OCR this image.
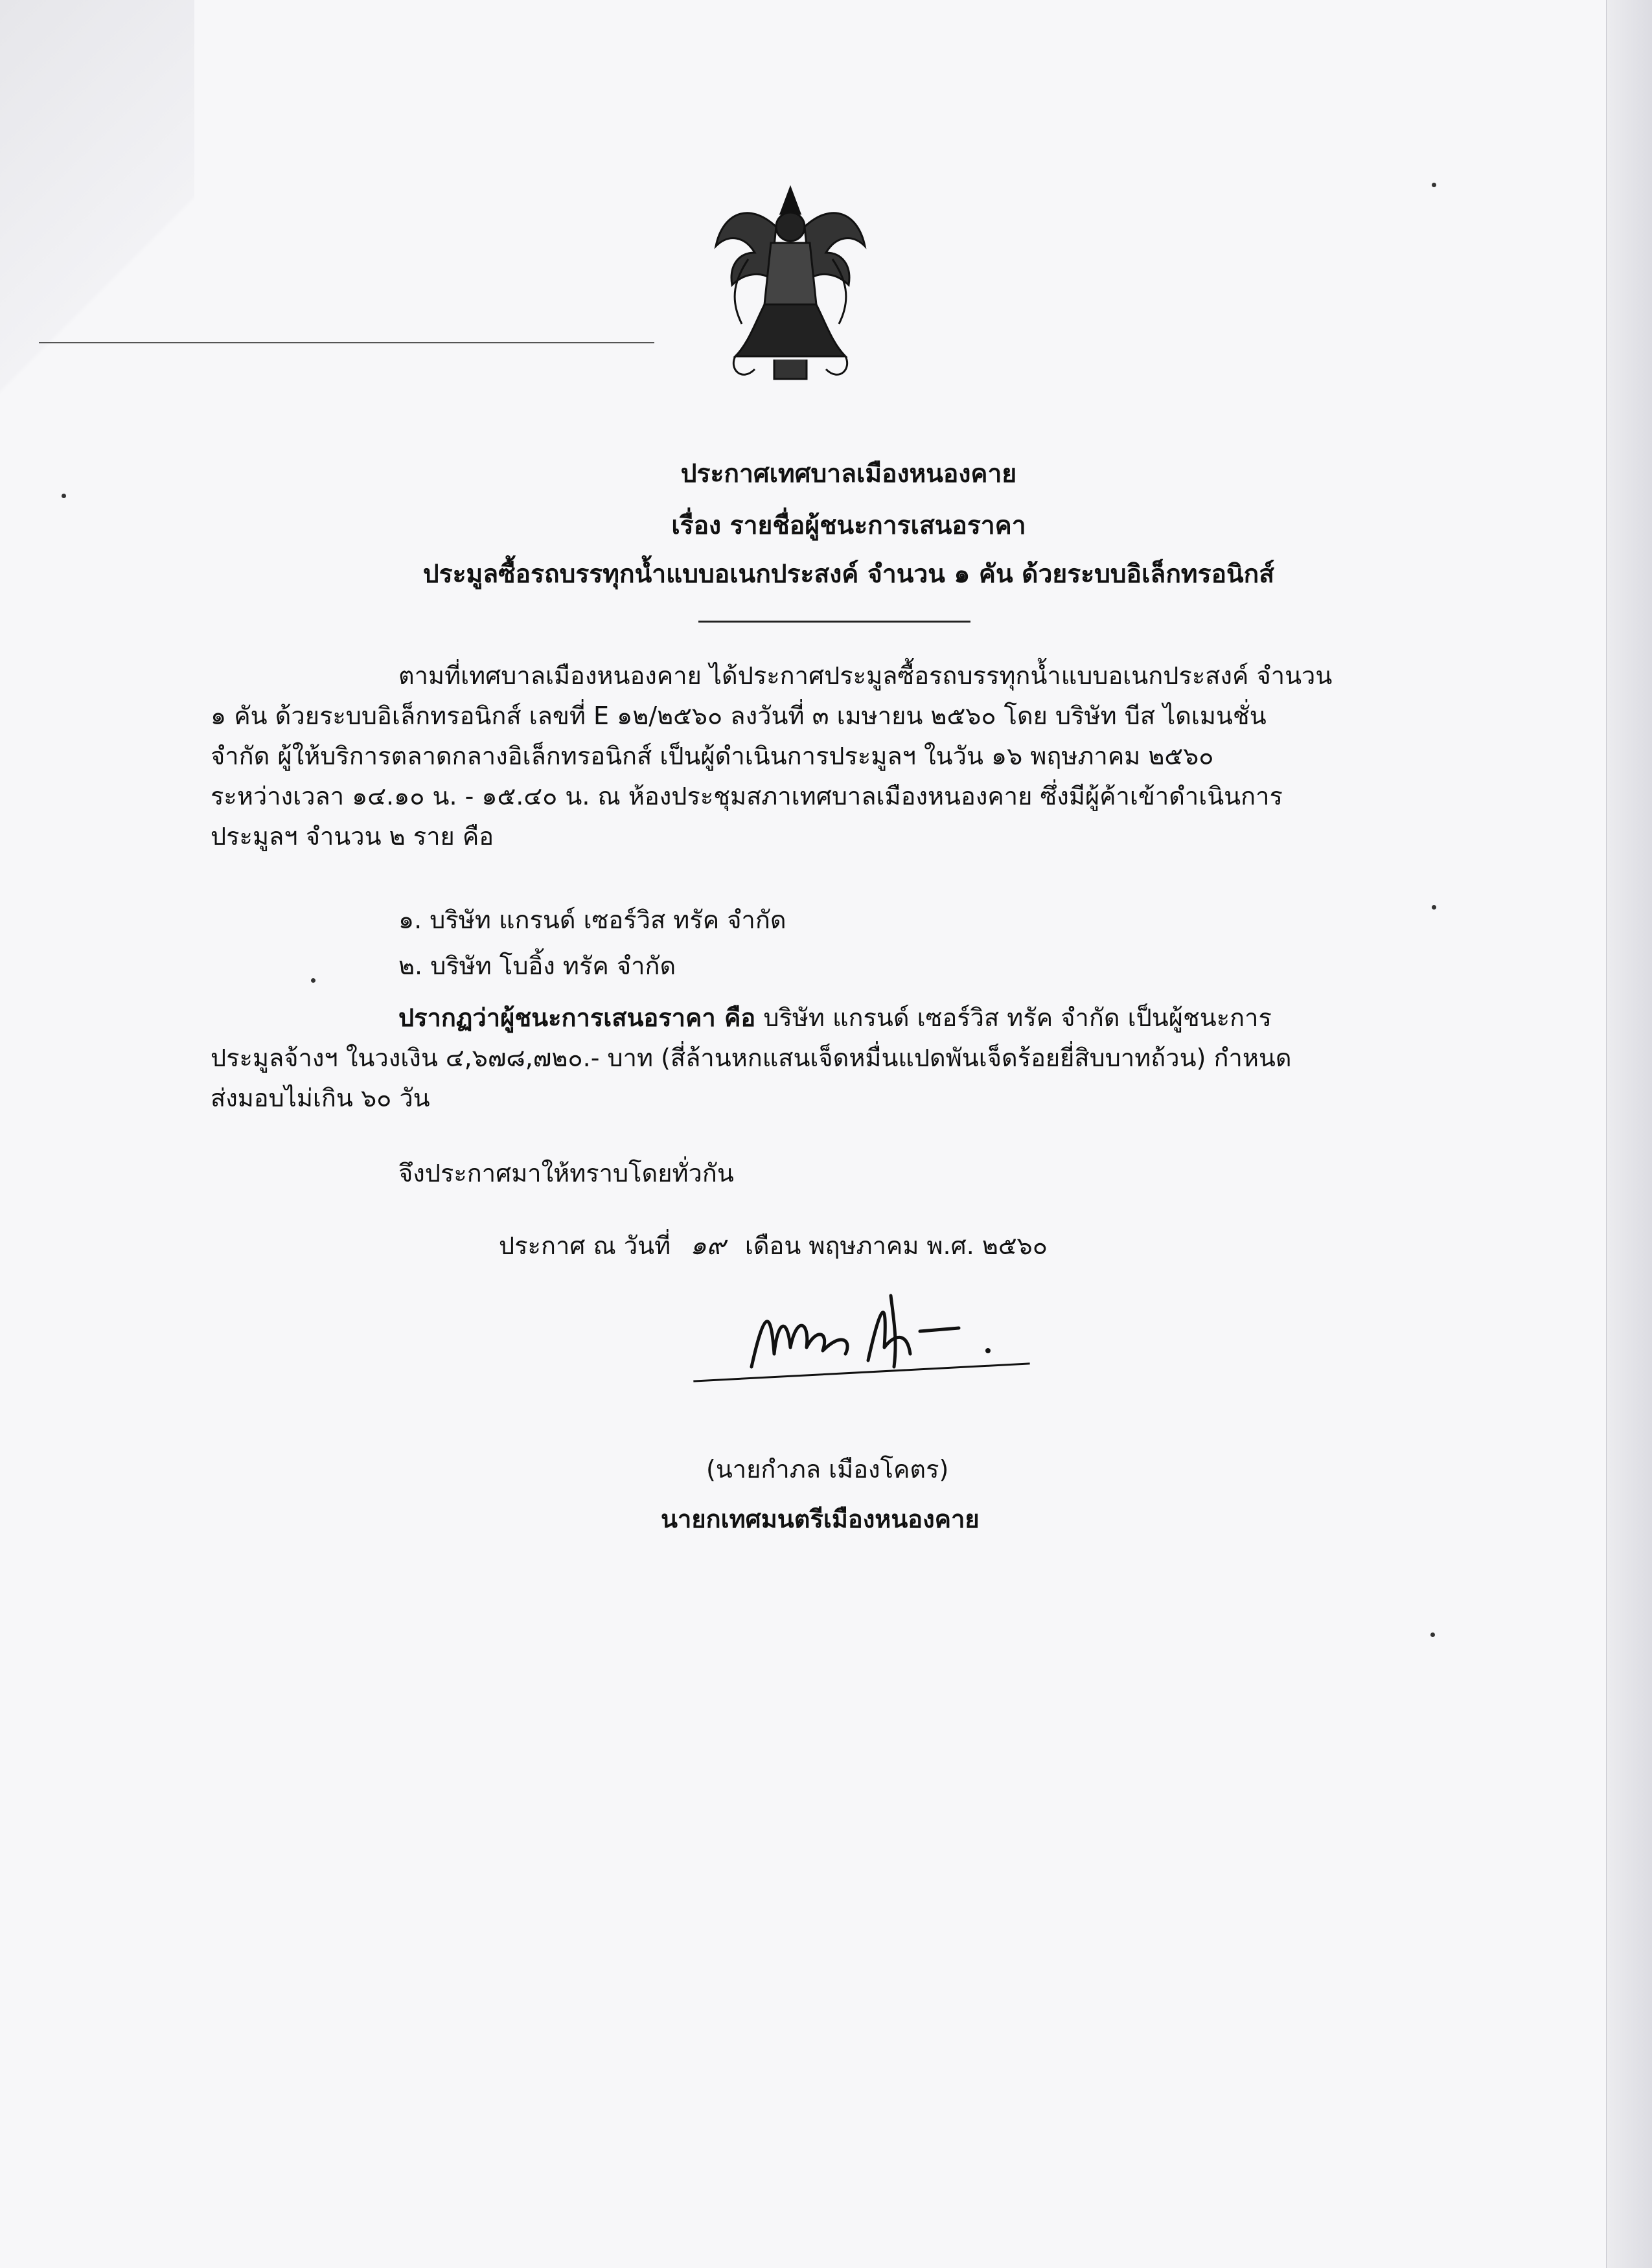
ประกาศเทศบาลเมืองหนองคาย
เรื่อง รายชื่อผู้ชนะการเสนอราคา
ประมูลซื้อรถบรรทุกน้ำแบบอเนกประสงค์ จำนวน ๑ คัน ด้วยระบบอิเล็กทรอนิกส์
ตามที่เทศบาลเมืองหนองคาย ได้ประกาศประมูลซื้อรถบรรทุกน้ำแบบอเนกประสงค์ จำนวน
๑ คัน ด้วยระบบอิเล็กทรอนิกส์ เลขที่ E ๑๒/๒๕๖๐ ลงวันที่ ๓ เมษายน ๒๕๖๐ โดย บริษัท บีส ไดเมนชั่น
จำกัด ผู้ให้บริการตลาดกลางอิเล็กทรอนิกส์ เป็นผู้ดำเนินการประมูลฯ ในวัน ๑๖ พฤษภาคม ๒๕๖๐
ระหว่างเวลา ๑๔.๑๐ น. - ๑๕.๔๐ น. ณ ห้องประชุมสภาเทศบาลเมืองหนองคาย ซึ่งมีผู้ค้าเข้าดำเนินการ
ประมูลฯ จำนวน ๒ ราย คือ
๑. บริษัท แกรนด์ เซอร์วิส ทรัค จำกัด
๒. บริษัท โบอิ้ง ทรัค จำกัด
ปรากฏว่าผู้ชนะการเสนอราคา คือ บริษัท แกรนด์ เซอร์วิส ทรัค จำกัด เป็นผู้ชนะการ
ประมูลจ้างฯ ในวงเงิน ๔,๖๗๘,๗๒๐.- บาท (สี่ล้านหกแสนเจ็ดหมื่นแปดพันเจ็ดร้อยยี่สิบบาทถ้วน) กำหนด
ส่งมอบไม่เกิน ๖๐ วัน
จึงประกาศมาให้ทราบโดยทั่วกัน
ประกาศ ณ วันที่ ๑๙ เดือน พฤษภาคม พ.ศ. ๒๕๖๐
(นายกำภล เมืองโคตร)
นายกเทศมนตรีเมืองหนองคาย
